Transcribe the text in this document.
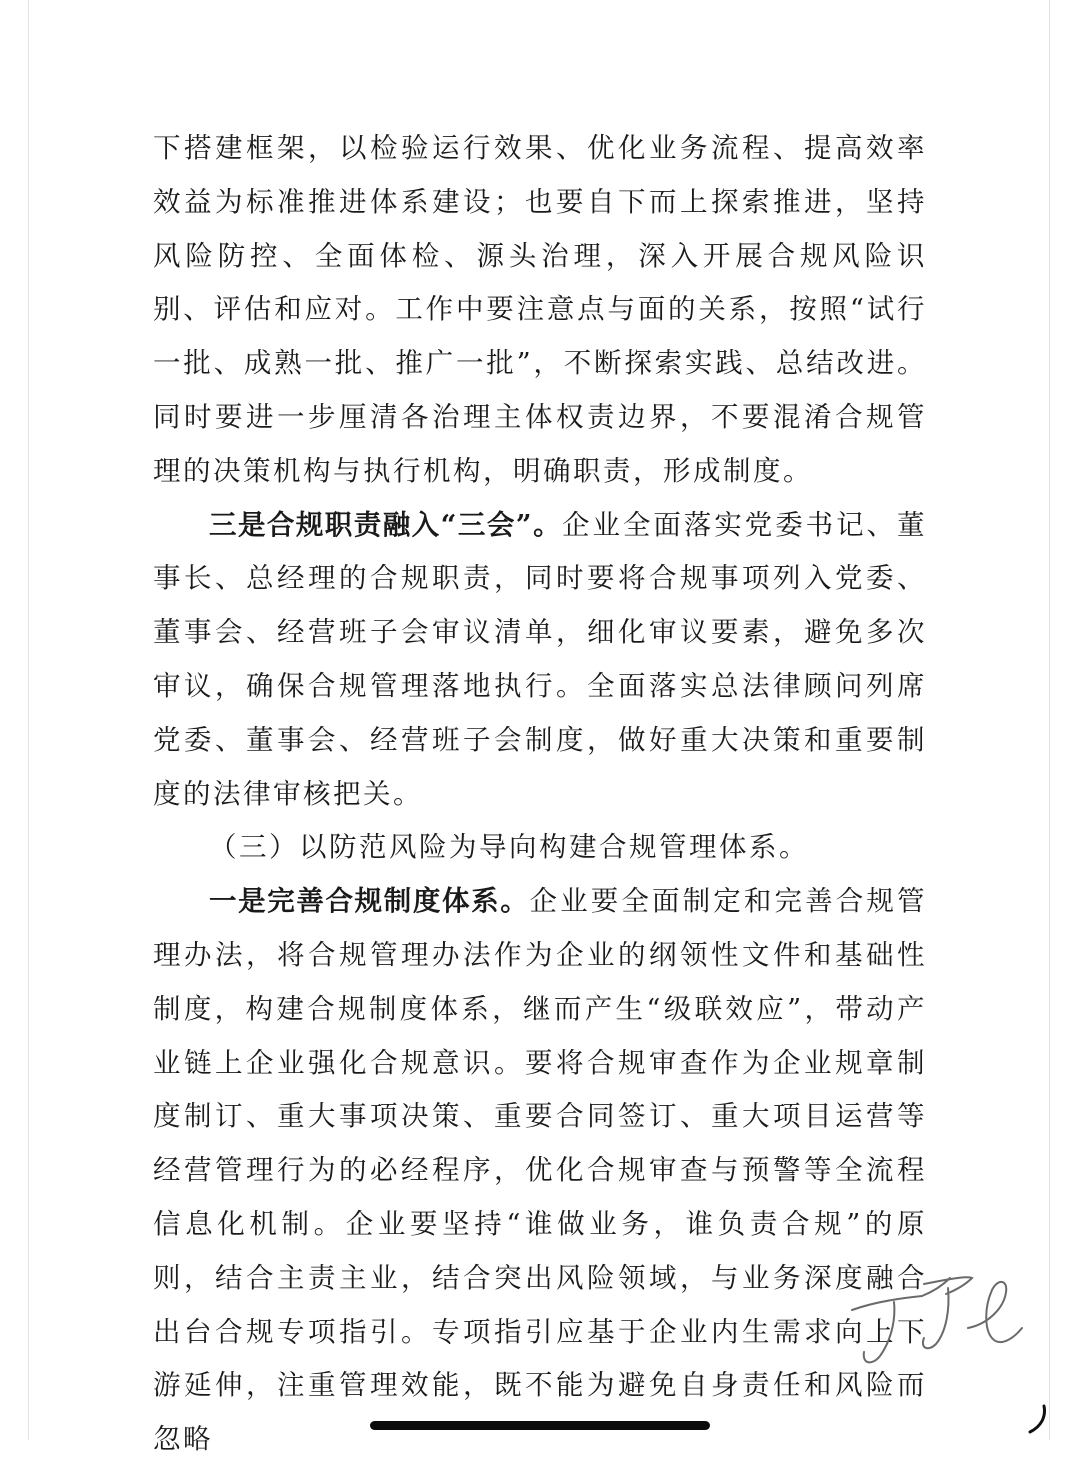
下搭建框架，以检验运行效果、优化业务流程、提高效率效益为标准推进体系建设；也要自下而上探索推进，坚持风险防控、全面体检、源头治理，深入开展合规风险识别、评估和应对。工作中要注意点与面的关系，按照“试行一批、成熟一批、推广一批”，不断探索实践、总结改进。同时要进一步厘清各治理主体权责边界，不要混淆合规管理的决策机构与执行机构，明确职责，形成制度。

三是合规职责融入“三会”。企业全面落实党委书记、董事长、总经理的合规职责，同时要将合规事项列入党委、董事会、经营班子会审议清单，细化审议要素，避免多次审议，确保合规管理落地执行。全面落实总法律顾问列席党委、董事会、经营班子会制度，做好重大决策和重要制度的法律审核把关。

（三）以防范风险为导向构建合规管理体系。

一是完善合规制度体系。企业要全面制定和完善合规管理办法，将合规管理办法作为企业的纲领性文件和基础性制度，构建合规制度体系，继而产生“级联效应”，带动产业链上企业强化合规意识。要将合规审查作为企业规章制度制订、重大事项决策、重要合同签订、重大项目运营等经营管理行为的必经程序，优化合规审查与预警等全流程信息化机制。企业要坚持“谁做业务，谁负责合规”的原则，结合主责主业，结合突出风险领域，与业务深度融合出台合规专项指引。专项指引应基于企业内生需求向上下游延伸，注重管理效能，既不能为避免自身责任和风险而忽略
